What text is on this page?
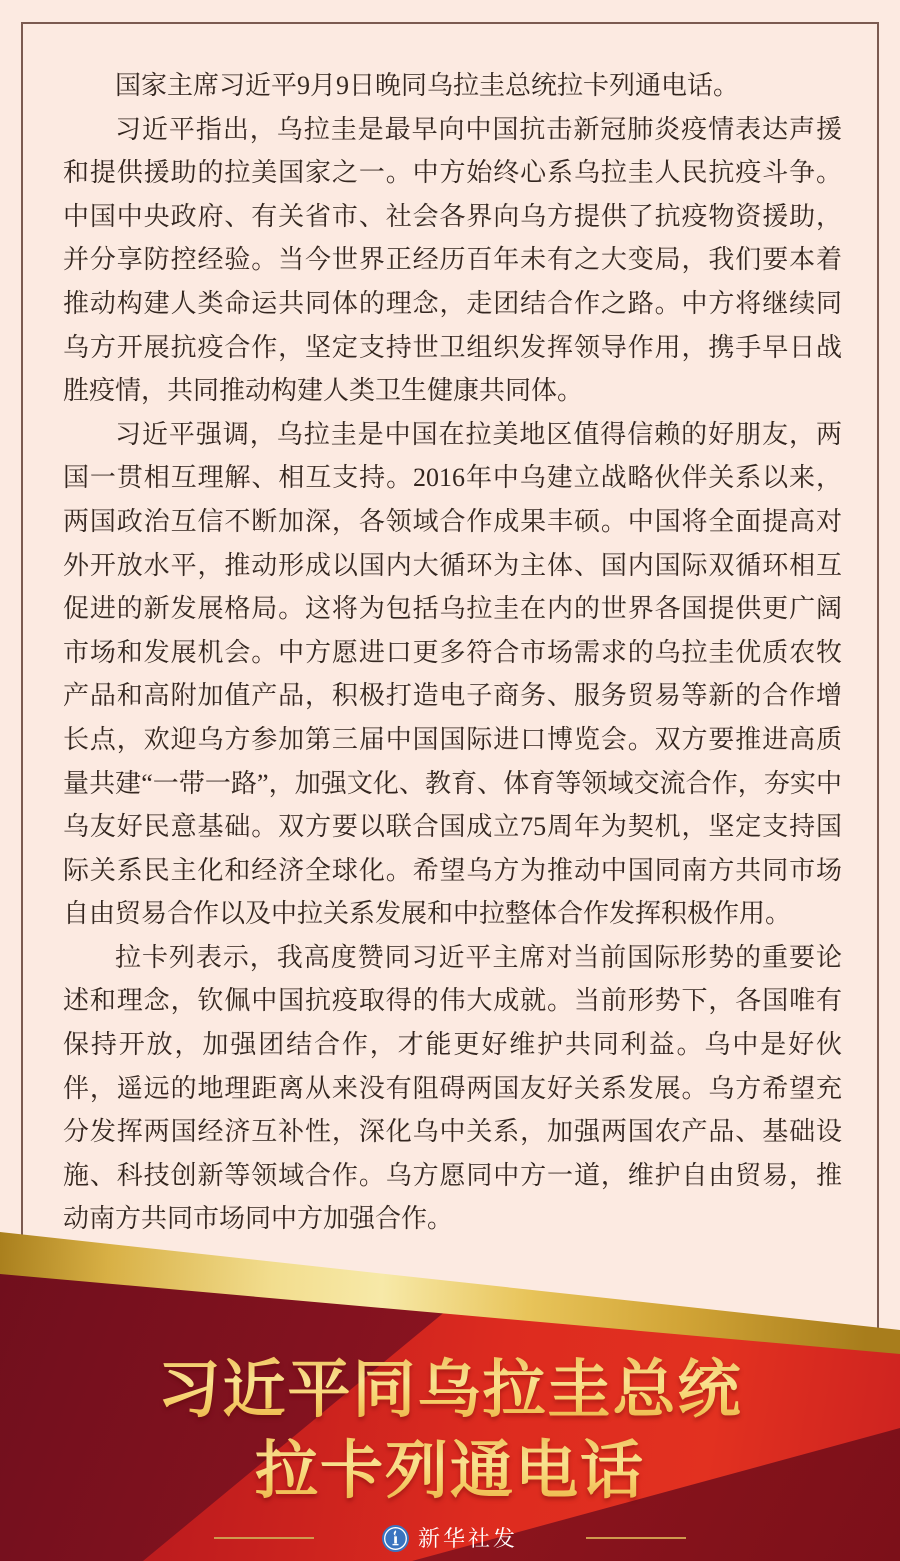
国家主席习近平9月9日晚同乌拉圭总统拉卡列通电话。

习近平指出，乌拉圭是最早向中国抗击新冠肺炎疫情表达声援和提供援助的拉美国家之一。中方始终心系乌拉圭人民抗疫斗争。中国中央政府、有关省市、社会各界向乌方提供了抗疫物资援助，并分享防控经验。当今世界正经历百年未有之大变局，我们要本着推动构建人类命运共同体的理念，走团结合作之路。中方将继续同乌方开展抗疫合作，坚定支持世卫组织发挥领导作用，携手早日战胜疫情，共同推动构建人类卫生健康共同体。

习近平强调，乌拉圭是中国在拉美地区值得信赖的好朋友，两国一贯相互理解、相互支持。2016年中乌建立战略伙伴关系以来，两国政治互信不断加深，各领域合作成果丰硕。中国将全面提高对外开放水平，推动形成以国内大循环为主体、国内国际双循环相互促进的新发展格局。这将为包括乌拉圭在内的世界各国提供更广阔市场和发展机会。中方愿进口更多符合市场需求的乌拉圭优质农牧产品和高附加值产品，积极打造电子商务、服务贸易等新的合作增长点，欢迎乌方参加第三届中国国际进口博览会。双方要推进高质量共建“一带一路”，加强文化、教育、体育等领域交流合作，夯实中乌友好民意基础。双方要以联合国成立75周年为契机，坚定支持国际关系民主化和经济全球化。希望乌方为推动中国同南方共同市场自由贸易合作以及中拉关系发展和中拉整体合作发挥积极作用。

拉卡列表示，我高度赞同习近平主席对当前国际形势的重要论述和理念，钦佩中国抗疫取得的伟大成就。当前形势下，各国唯有保持开放，加强团结合作，才能更好维护共同利益。乌中是好伙伴，遥远的地理距离从来没有阻碍两国友好关系发展。乌方希望充分发挥两国经济互补性，深化乌中关系，加强两国农产品、基础设施、科技创新等领域合作。乌方愿同中方一道，维护自由贸易，推动南方共同市场同中方加强合作。

习近平同乌拉圭总统
拉卡列通电话
新华社发
